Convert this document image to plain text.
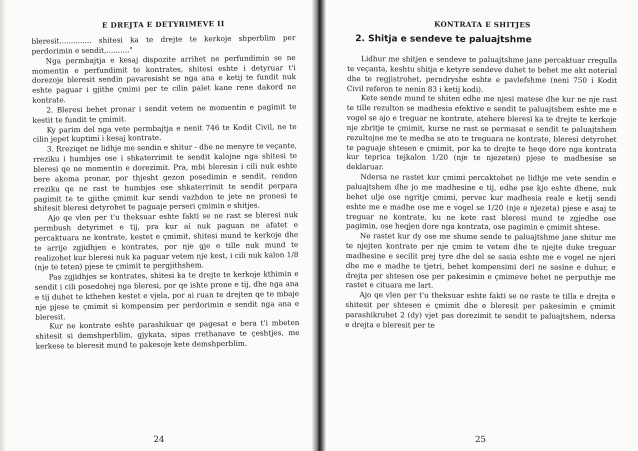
E DREJTA E DETYRIMEVE II

bleresit.............. shitesi ka te drejte te kerkoje shperblim per perdorimin e sendit,.........."

Nga permbajtja e kesaj dispozite arrihet ne perfundimin se ne momentin e perfundimit te kontrates, shitesi eshte i detyruar t'i dorezoje bleresit sendin pavaresisht se nga ana e ketij te fundit nuk eshte paguar i gjithe çmimi per te cilin palet kane rene dakord ne kontrate.

2. Bleresi behet pronar i sendit vetem ne momentin e pagimit te kestit te fundit te çmimit.

Ky parim del nga vete permbajtja e nenit 746 te Kodit Civil, ne te cilin jepet kuptimi i kesaj kontrate.

3. Rreziqet ne lidhje me sendin e shitur - dhe ne menyre te veçante, rreziku i humbjes ose i shkaterrimit te sendit kalojne nga shitesi te bleresi qe ne momentin e dorezimit. Pra, mbi bleresin i cili nuk eshte bere akoma pronar, por thjesht gezon posedimin e sendit, rendon rreziku qe ne rast te humbjes ose shkaterrimit te sendit perpara pagimit te te gjithe çmimit kur sendi vazhdon te jete ne pronesi te shitesit bleresi detyrohet te paguaje perseri çmimin e shitjes.

Ajo qe vlen per t'u theksuar eshte fakti se ne rast se bleresi nuk permbush detyrimet e tij, pra kur ai nuk paguan ne afatet e percaktuara ne kontrate, kestet e çmimit, shitesi mund te kerkoje dhe te arrije zgjidhjen e kontrates, por nje gje e tille nuk mund te realizohet kur bleresi nuk ka paguar vetem nje kest, i cili nuk kalon 1/8 (nje te teten) pjese te çmimit te pergjithshem.

Pas zgjidhjes se kontrates, shitesi ka te drejte te kerkoje kthimin e sendit i cili posedohej nga bleresi, por qe ishte prone e tij, dhe nga ana e tij duhet te kthehen kestet e vjela, por ai ruan te drejten qe te mbaje nje pjese te çmimit si kompensim per perdorimin e sendit nga ana e bleresit.

Kur ne kontrate eshte parashikuar qe pagesat e bera t'i mbeten shitesit si demshperblim, gjykata, sipas rrethanave te çeshtjes, me kerkese te bleresit mund te pakesoje kete demshperblim.

24
KONTRATA E SHITJES
2. Shitja e sendeve te paluajtshme

Lidhur me shitjen e sendeve te paluajtshme jane percaktuar rregulla te veçanta, keshtu shitja e ketyre sendeve duhet te behet me akt noterial dhe te regjistrohet, perndryshe eshte e pavlefshme (neni 750 i Kodit Civil referon te nenin 83 i ketij kodi).

Kete sende mund te shiten edhe me njesi matese dhe kur ne nje rast te tille rezulton se madhesia efektive e sendit te paluajtshem eshte me e vogel se ajo e treguar ne kontrate, atehere bleresi ka te drejte te kerkoje nje zbritje te çmimit, kurse ne rast se permasat e sendit te paluajtshem rezultojne me te medha se ato te treguara ne kontrate, bleresi detyrohet te paguaje shtesen e çmimit, por ka te drejte te heqe dore nga kontrata kur teprica tejkalon 1/20 (nje te njezeten) pjese te madhesise se deklaruar.

Ndersa ne rastet kur çmimi percaktohet ne lidhje me vete sendin e paluajtshem dhe jo me madhesine e tij, edhe pse kjo eshte dhene, nuk behet ulje ose ngritje çmimi, pervec kur madhesia reale e ketij sendi eshte me e madhe ose me e vogel se 1/20 (nje e njezeta) pjese e asaj te treguar ne kontrate, ku ne kete rast bleresi mund te zgjedhe ose pagimin, ose heqjen dore nga kontrata, ose pagimin e çmimit shtese.

Ne rastet kur dy ose me shume sende te paluajtshme jane shitur me te njejten kontrate per nje çmim te vetem dhe te njejte duke treguar madhesine e secilit prej tyre dhe del se sasia eshte me e vogel ne njeri dhe me e madhe te tjetri, behet kompensimi deri ne sasine e duhur, e drejta per shtesen ose per pakesimin e çmimeve behet ne perputhje me rastet e cituara me lart.

Ajo qe vlen per t'u theksuar eshte fakti se ne raste te tilla e drejta e shitesit per shtesen e çmimit dhe e bleresit per pakesimin e çmimit parashikruhet 2 (dy) vjet pas dorezimit te sendit te paluajtshem, ndersa e drejta e bleresit per te

25
